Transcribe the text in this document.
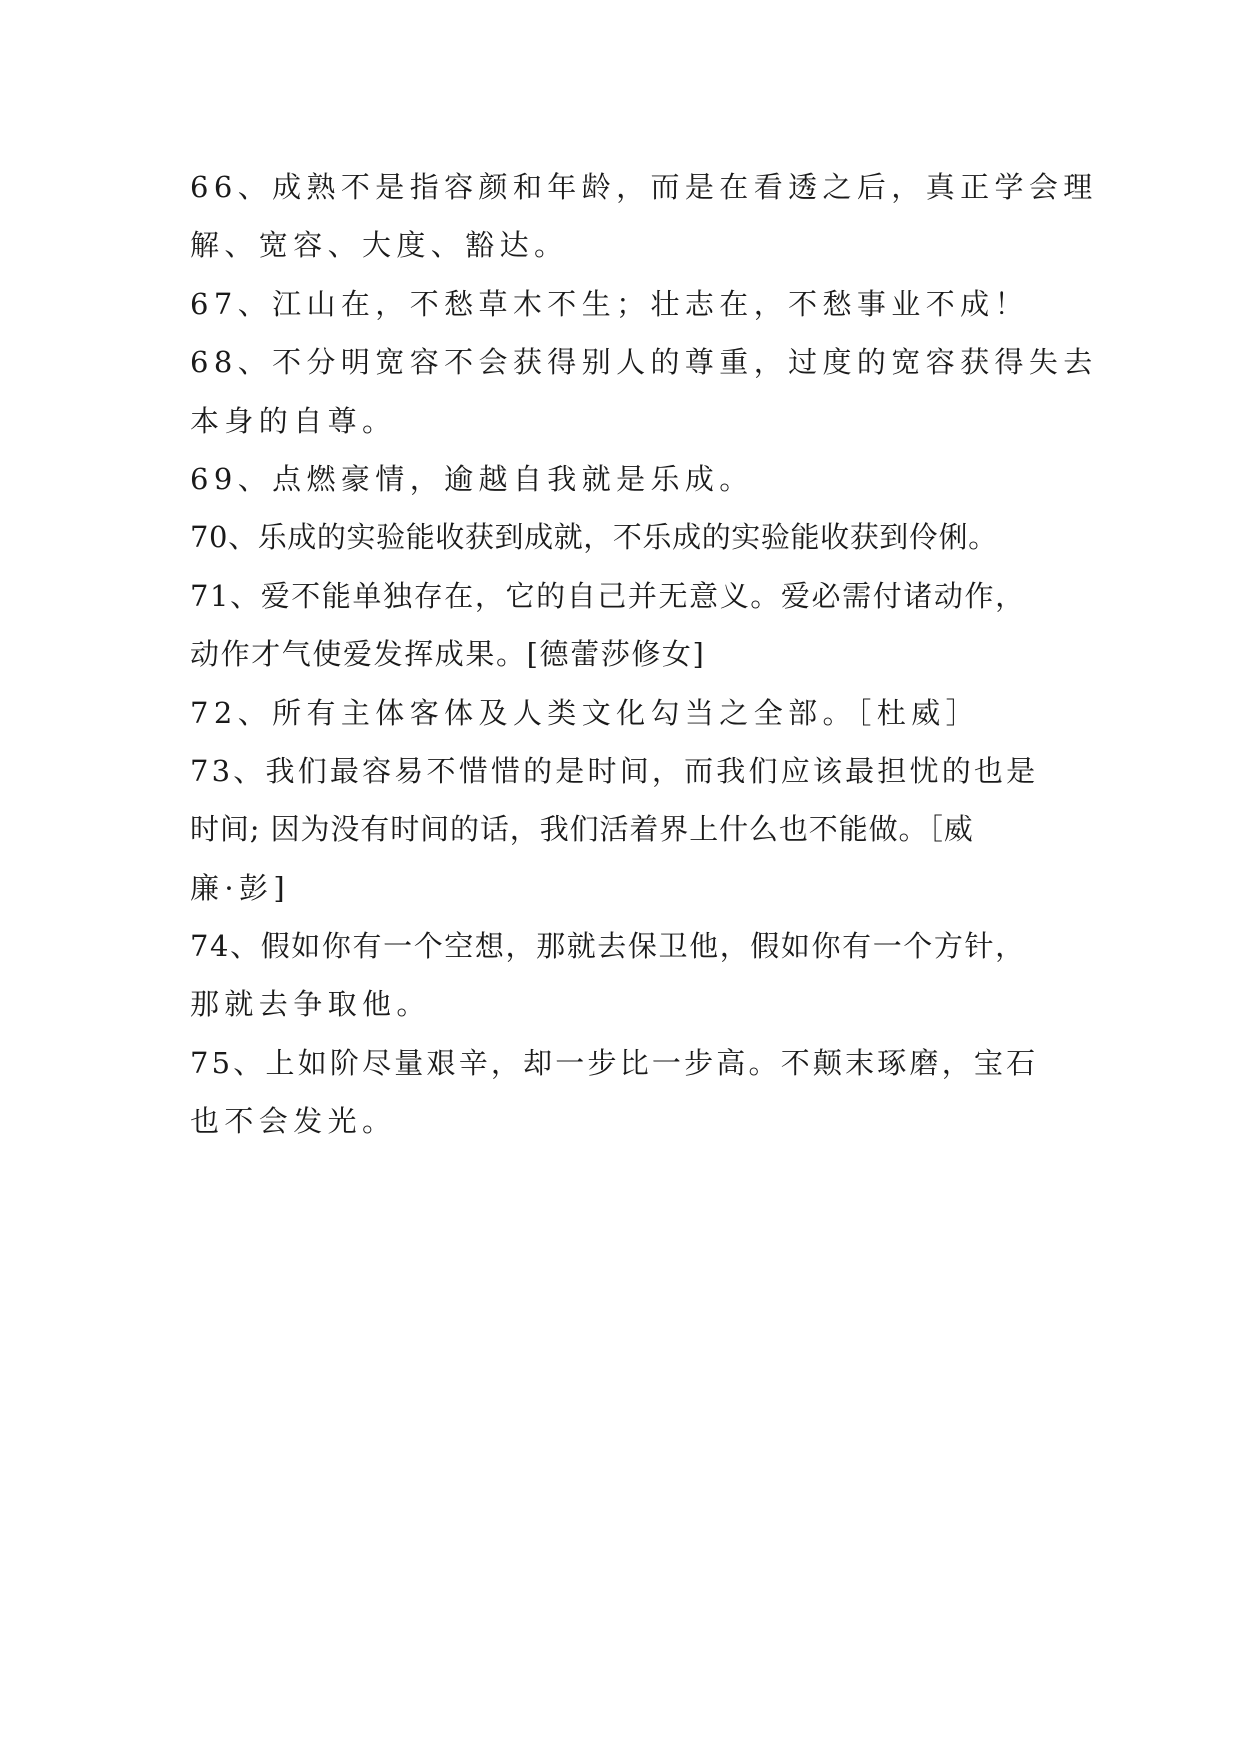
66、成熟不是指容颜和年龄，而是在看透之后，真正学会理
解、宽容、大度、豁达。
67、江山在，不愁草木不生；壮志在，不愁事业不成！
68、不分明宽容不会获得别人的尊重，过度的宽容获得失去
本身的自尊。
69、点燃豪情，逾越自我就是乐成。
70、乐成的实验能收获到成就，不乐成的实验能收获到伶俐。
71、爱不能单独存在，它的自己并无意义。爱必需付诸动作，
动作才气使爱发挥成果。[德蕾莎修女]
72、所有主体客体及人类文化勾当之全部。［杜威］
73、我们最容易不惜惜的是时间，而我们应该最担忧的也是
时间; 因为没有时间的话，我们活着界上什么也不能做。［威
廉·彭]
74、假如你有一个空想，那就去保卫他，假如你有一个方针，
那就去争取他。
75、上如阶尽量艰辛，却一步比一步高。不颠末琢磨，宝石
也不会发光。
